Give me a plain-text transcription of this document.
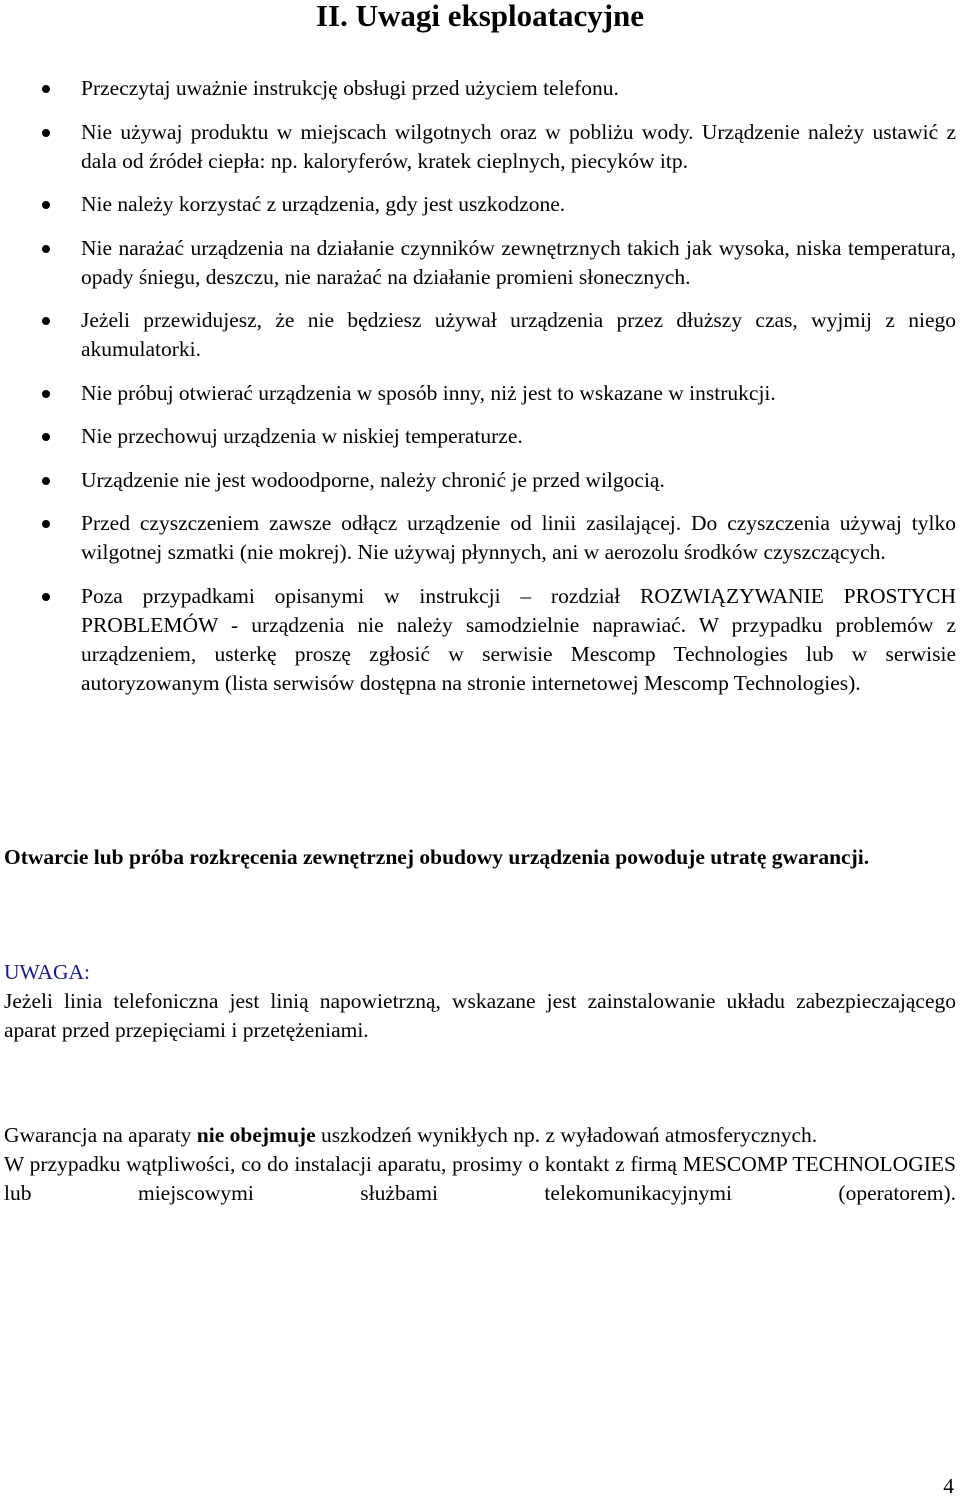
II. Uwagi eksploatacyjne
Przeczytaj uważnie instrukcję obsługi przed użyciem telefonu.
Nie używaj produktu w miejscach wilgotnych oraz w pobliżu wody. Urządzenie należy ustawić z dala od źródeł ciepła: np. kaloryferów, kratek cieplnych, piecyków itp.
Nie należy korzystać z urządzenia, gdy jest uszkodzone.
Nie narażać urządzenia na działanie czynników zewnętrznych takich jak wysoka, niska temperatura, opady śniegu, deszczu, nie narażać na działanie promieni słonecznych.
Jeżeli przewidujesz, że nie będziesz używał urządzenia przez dłuższy czas, wyjmij z niego akumulatorki.
Nie próbuj otwierać urządzenia w sposób inny, niż jest to wskazane w instrukcji.
Nie przechowuj urządzenia w niskiej temperaturze.
Urządzenie nie jest wodoodporne, należy chronić je przed wilgocią.
Przed czyszczeniem zawsze odłącz urządzenie od linii zasilającej. Do czyszczenia używaj tylko wilgotnej szmatki (nie mokrej). Nie używaj płynnych, ani w aerozolu środków czyszczących.
Poza przypadkami opisanymi w instrukcji – rozdział ROZWIĄZYWANIE PROSTYCH PROBLEMÓW - urządzenia nie należy samodzielnie naprawiać. W przypadku problemów z urządzeniem, usterkę proszę zgłosić w serwisie Mescomp Technologies lub w serwisie autoryzowanym (lista serwisów dostępna na stronie internetowej Mescomp Technologies).

Otwarcie lub próba rozkręcenia zewnętrznej obudowy urządzenia powoduje utratę gwarancji.

UWAGA:
Jeżeli linia telefoniczna jest linią napowietrzną, wskazane jest zainstalowanie układu zabezpieczającego aparat przed przepięciami i przetężeniami.
Gwarancja na aparaty nie obejmuje uszkodzeń wynikłych np. z wyładowań atmosferycznych.
W przypadku wątpliwości, co do instalacji aparatu, prosimy o kontakt z firmą MESCOMP TECHNOLOGIES lub miejscowymi służbami telekomunikacyjnymi (operatorem).
4
